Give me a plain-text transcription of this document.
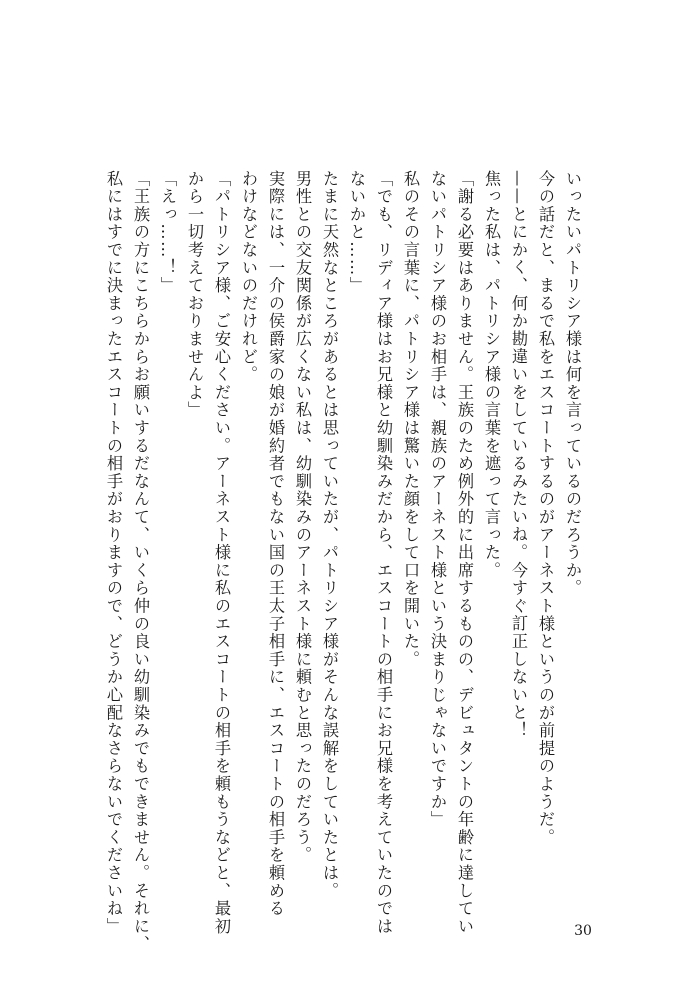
いったいパトリシア様は何を言っているのだろうか。

今の話だと、まるで私をエスコートするのがアーネスト様というのが前提のようだ。

——とにかく、何か勘違いをしているみたいね。今すぐ訂正しないと！

焦った私は、パトリシア様の言葉を遮って言った。

「謝る必要はありません。王族のため例外的に出席するものの、デビュタントの年齢に達してい

ないパトリシア様のお相手は、親族のアーネスト様という決まりじゃないですか」

私のその言葉に、パトリシア様は驚いた顔をして口を開いた。

「でも、リディア様はお兄様と幼馴染みだから、エスコートの相手にお兄様を考えていたのでは

ないかと……」

たまに天然なところがあるとは思っていたが、パトリシア様がそんな誤解をしていたとは。

男性との交友関係が広くない私は、幼馴染みのアーネスト様に頼むと思ったのだろう。

実際には、一介の侯爵家の娘が婚約者でもない国の王太子相手に、エスコートの相手を頼める

わけなどないのだけれど。

「パトリシア様、ご安心ください。アーネスト様に私のエスコートの相手を頼もうなどと、最初

から一切考えておりませんよ」

「えっ……！」

「王族の方にこちらからお願いするだなんて、いくら仲の良い幼馴染みでもできません。それに、

私にはすでに決まったエスコートの相手がおりますので、どうか心配なさらないでくださいね」	30
